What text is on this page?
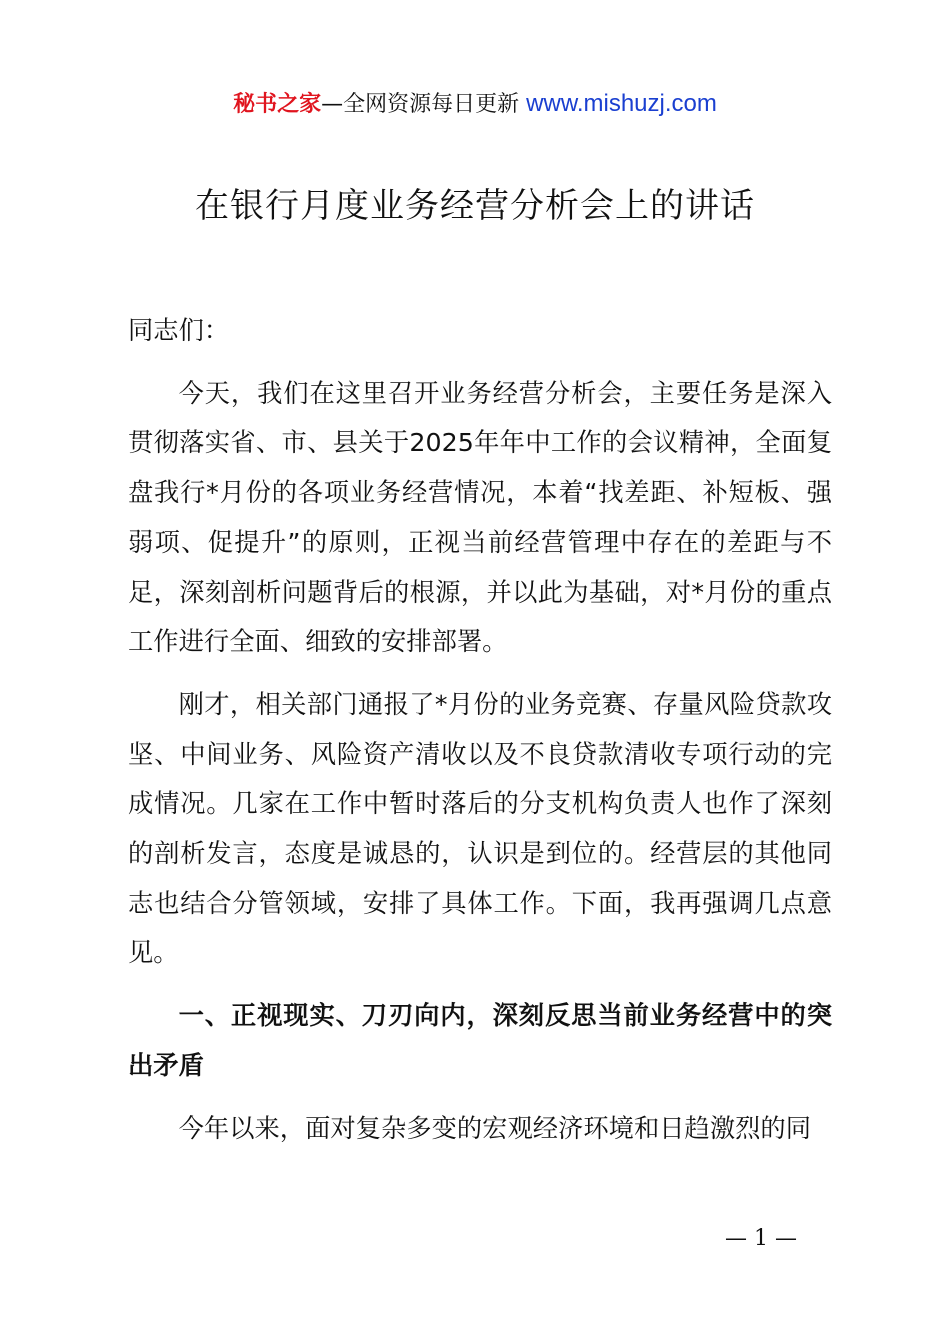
秘书之家—全网资源每日更新 www.mishuzj.com
在银行月度业务经营分析会上的讲话

同志们：

今天，我们在这里召开业务经营分析会，主要任务是深入贯彻落实省、市、县关于2025年年中工作的会议精神，全面复盘我行*月份的各项业务经营情况，本着“找差距、补短板、强弱项、促提升”的原则，正视当前经营管理中存在的差距与不足，深刻剖析问题背后的根源，并以此为基础，对*月份的重点工作进行全面、细致的安排部署。

刚才，相关部门通报了*月份的业务竞赛、存量风险贷款攻坚、中间业务、风险资产清收以及不良贷款清收专项行动的完成情况。几家在工作中暂时落后的分支机构负责人也作了深刻的剖析发言，态度是诚恳的，认识是到位的。经营层的其他同志也结合分管领域，安排了具体工作。下面，我再强调几点意见。

一、正视现实、刀刃向内，深刻反思当前业务经营中的突出矛盾

今年以来，面对复杂多变的宏观经济环境和日趋激烈的同

— 1 —
